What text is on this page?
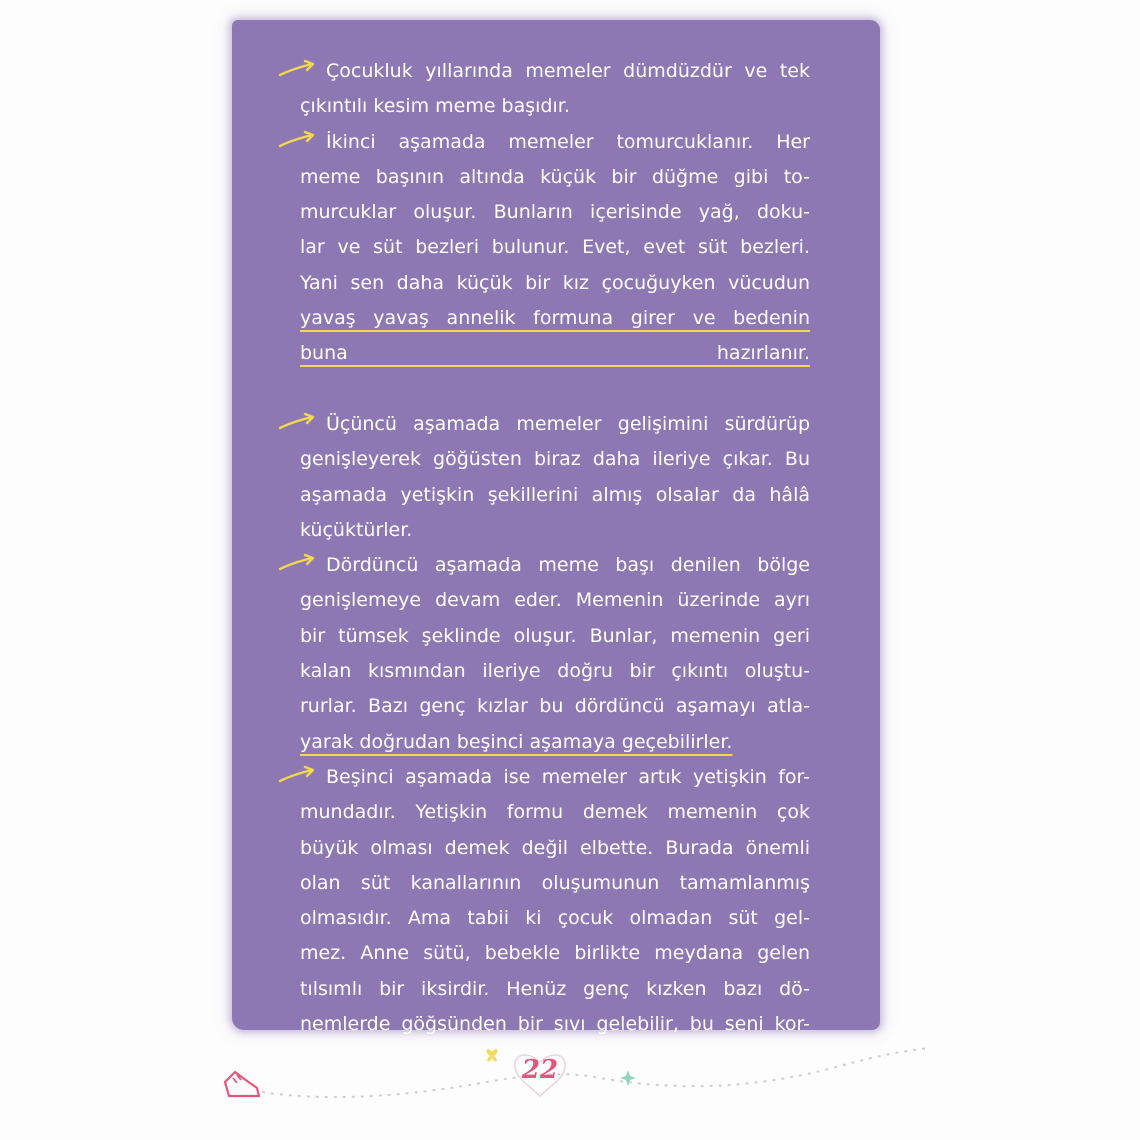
Çocukluk yıllarında memeler dümdüzdür ve tek
çıkıntılı kesim meme başıdır.
İkinci aşamada memeler tomurcuklanır. Her
meme başının altında küçük bir düğme gibi to-
murcuklar oluşur. Bunların içerisinde yağ, doku-
lar ve süt bezleri bulunur. Evet, evet süt bezleri.
Yani sen daha küçük bir kız çocuğuyken vücudun
yavaş yavaş annelik formuna girer ve bedenin
buna hazırlanır.
Üçüncü aşamada memeler gelişimini sürdürüp
genişleyerek göğüsten biraz daha ileriye çıkar. Bu
aşamada yetişkin şekillerini almış olsalar da hâlâ
küçüktürler.
Dördüncü aşamada meme başı denilen bölge
genişlemeye devam eder. Memenin üzerinde ayrı
bir tümsek şeklinde oluşur. Bunlar, memenin geri
kalan kısmından ileriye doğru bir çıkıntı oluştu-
rurlar. Bazı genç kızlar bu dördüncü aşamayı atla-
yarak doğrudan beşinci aşamaya geçebilirler.
Beşinci aşamada ise memeler artık yetişkin for-
mundadır. Yetişkin formu demek memenin çok
büyük olması demek değil elbette. Burada önemli
olan süt kanallarının oluşumunun tamamlanmış
olmasıdır. Ama tabii ki çocuk olmadan süt gel-
mez. Anne sütü, bebekle birlikte meydana gelen
tılsımlı bir iksirdir. Henüz genç kızken bazı dö-
nemlerde göğsünden bir sıvı gelebilir, bu seni kor-
22
